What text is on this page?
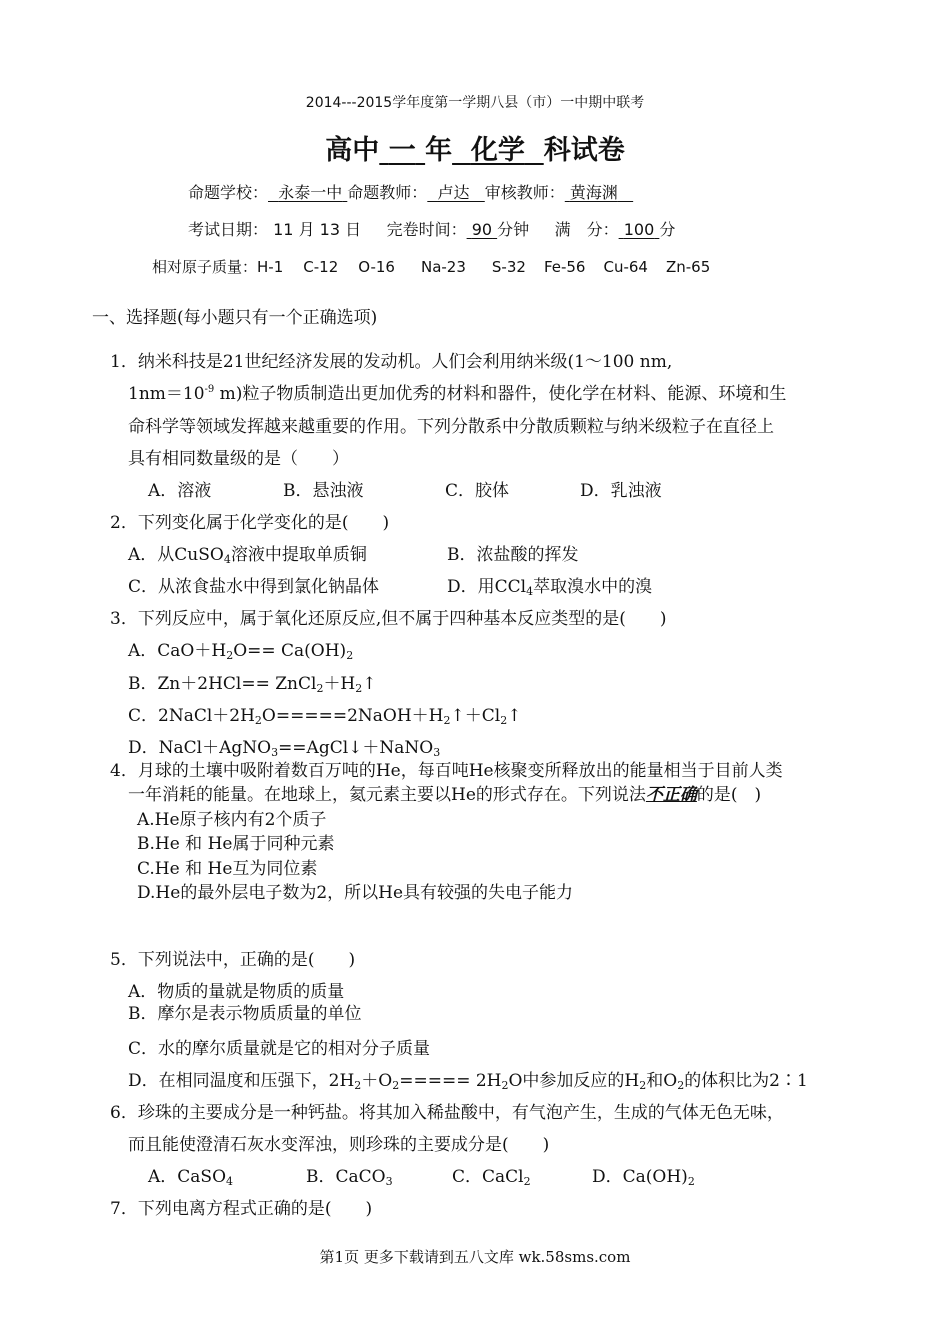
2014---2015学年度第一学期八县（市）一中期中联考
高中 一 年 化学 科试卷
命题学校： 永泰一中 命题教师： 卢达 审核教师： 黄海渊
考试日期： 11 月 13 日 完卷时间： 90 分钟 满　分： 100 分
相对原子质量：H-1 C-12 O-16 Na-23 S-32 Fe-56 Cu-64 Zn-65
一、选择题(每小题只有一个正确选项)
1．纳米科技是21世纪经济发展的发动机。人们会利用纳米级(1～100 nm,
$1nm=10^{-9}$ m)粒子物质制造出更加优秀的材料和器件，使化学在材料、能源、环境和生
命科学等领域发挥越来越重要的作用。下列分散系中分散质颗粒与纳米级粒子在直径上
具有相同数量级的是（　　）
A．溶液	B．悬浊液	C．胶体	D．乳浊液
2．下列变化属于化学变化的是(　　)
A．从CuSO$_4$溶液中提取单质铜	B．浓盐酸的挥发
C．从浓食盐水中得到氯化钠晶体	D．用CCl$_4$萃取溴水中的溴
3．下列反应中，属于氧化还原反应,但不属于四种基本反应类型的是(　　)
A．$CaO+H_2O== Ca(OH)_2$
B．$Zn+2HCl== ZnCl_2+H_2↑$
C．$2NaCl+2H_2O=====2NaOH+H_2↑+Cl_2↑$
D．NaCl＋AgNO$_3$==AgCl↓＋NaNO$_3$
4．月球的土壤中吸附着数百万吨的He，每百吨He核聚变所释放出的能量相当于目前人类
一年消耗的能量。在地球上，氦元素主要以He的形式存在。下列说法不正确的是(　)
A.He原子核内有2个质子
B.He 和 He属于同种元素
C.He 和 He互为同位素
D.He的最外层电子数为2，所以He具有较强的失电子能力
5．下列说法中，正确的是(　　)
A．物质的量就是物质的质量
B．摩尔是表示物质质量的单位
C．水的摩尔质量就是它的相对分子质量
D．在相同温度和压强下，$2H_2+O_2===== 2H_2O$中参加反应的$H_2$和$O_2$的体积比为2∶1
6．珍珠的主要成分是一种钙盐。将其加入稀盐酸中，有气泡产生，生成的气体无色无味，
而且能使澄清石灰水变浑浊，则珍珠的主要成分是(　　)
A．CaSO$_4$	B．CaCO$_3$	C．CaCl$_2$	D．$Ca(OH)_2$
7．下列电离方程式正确的是(　　)
第1页 更多下载请到五八文库 wk.58sms.com
